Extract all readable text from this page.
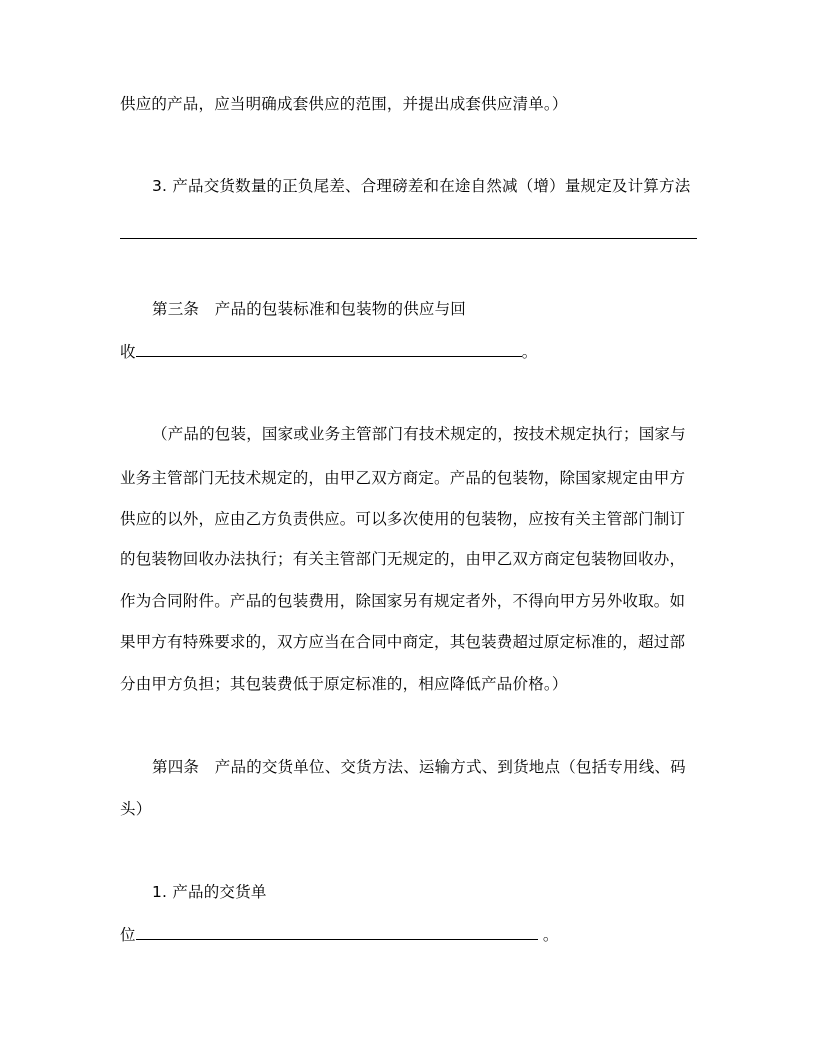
供应的产品，应当明确成套供应的范围，并提出成套供应清单。）
3. 产品交货数量的正负尾差、合理磅差和在途自然减（增）量规定及计算方法
第三条　产品的包装标准和包装物的供应与回
收	。
（产品的包装，国家或业务主管部门有技术规定的，按技术规定执行；国家与
业务主管部门无技术规定的，由甲乙双方商定。产品的包装物，除国家规定由甲方
供应的以外，应由乙方负责供应。可以多次使用的包装物，应按有关主管部门制订
的包装物回收办法执行；有关主管部门无规定的，由甲乙双方商定包装物回收办，
作为合同附件。产品的包装费用，除国家另有规定者外，不得向甲方另外收取。如
果甲方有特殊要求的，双方应当在合同中商定，其包装费超过原定标准的，超过部
分由甲方负担；其包装费低于原定标准的，相应降低产品价格。）
第四条　产品的交货单位、交货方法、运输方式、到货地点（包括专用线、码
头）
1. 产品的交货单
位	。
